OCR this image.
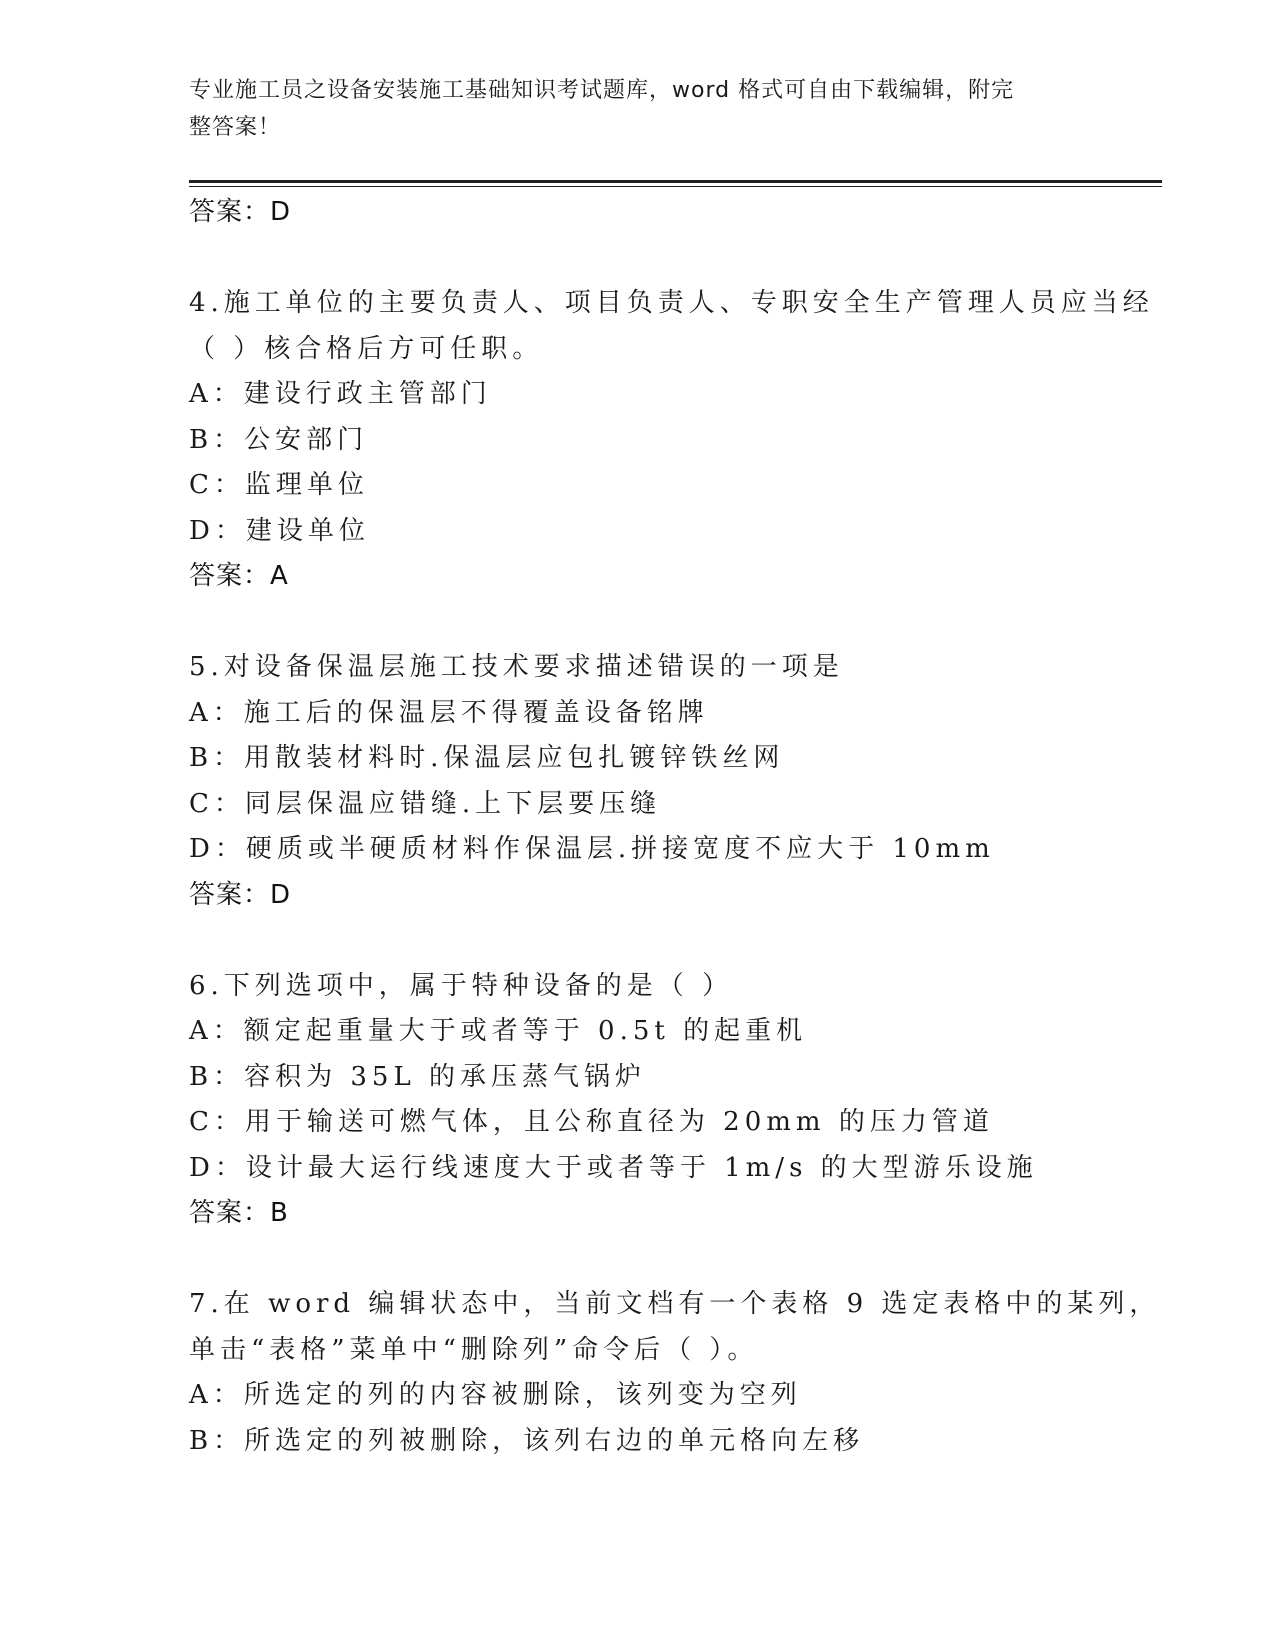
专业施工员之设备安装施工基础知识考试题库，word 格式可自由下载编辑，附完
整答案！
答案：D
4.施工单位的主要负责人、项目负责人、专职安全生产管理人员应当经（ ）核合格后方可任职。
A：建设行政主管部门
B：公安部门
C：监理单位
D：建设单位
答案：A
5.对设备保温层施工技术要求描述错误的一项是
A：施工后的保温层不得覆盖设备铭牌
B：用散装材料时.保温层应包扎镀锌铁丝网
C：同层保温应错缝.上下层要压缝
D：硬质或半硬质材料作保温层.拼接宽度不应大于 10mm
答案：D
6.下列选项中，属于特种设备的是（ ）
A：额定起重量大于或者等于 0.5t 的起重机
B：容积为 35L 的承压蒸气锅炉
C：用于输送可燃气体，且公称直径为 20mm 的压力管道
D：设计最大运行线速度大于或者等于 1m/s 的大型游乐设施
答案：B
7.在 word 编辑状态中，当前文档有一个表格 9 选定表格中的某列，单击“表格”菜单中“删除列”命令后（ ）。
A：所选定的列的内容被删除，该列变为空列
B：所选定的列被删除，该列右边的单元格向左移
